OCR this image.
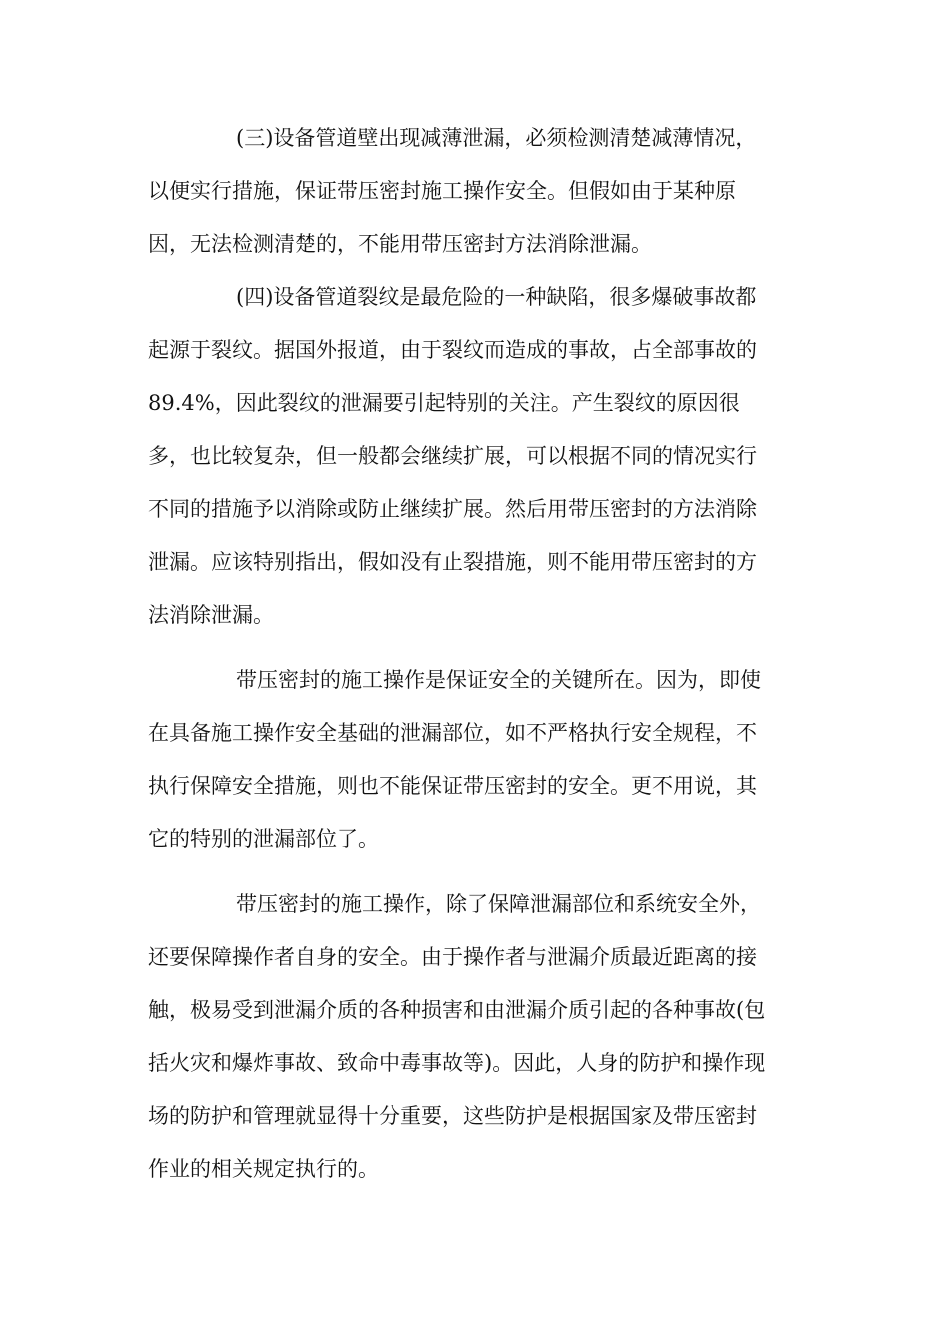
(三)设备管道壁出现减薄泄漏，必须检测清楚减薄情况，
以便实行措施，保证带压密封施工操作安全。但假如由于某种原
因，无法检测清楚的，不能用带压密封方法消除泄漏。
(四)设备管道裂纹是最危险的一种缺陷，很多爆破事故都
起源于裂纹。据国外报道，由于裂纹而造成的事故，占全部事故的
89.4%，因此裂纹的泄漏要引起特别的关注。产生裂纹的原因很
多，也比较复杂，但一般都会继续扩展，可以根据不同的情况实行
不同的措施予以消除或防止继续扩展。然后用带压密封的方法消除
泄漏。应该特别指出，假如没有止裂措施，则不能用带压密封的方
法消除泄漏。
带压密封的施工操作是保证安全的关键所在。因为，即使
在具备施工操作安全基础的泄漏部位，如不严格执行安全规程，不
执行保障安全措施，则也不能保证带压密封的安全。更不用说，其
它的特别的泄漏部位了。
带压密封的施工操作，除了保障泄漏部位和系统安全外，
还要保障操作者自身的安全。由于操作者与泄漏介质最近距离的接
触，极易受到泄漏介质的各种损害和由泄漏介质引起的各种事故(包
括火灾和爆炸事故、致命中毒事故等)。因此，人身的防护和操作现
场的防护和管理就显得十分重要，这些防护是根据国家及带压密封
作业的相关规定执行的。
